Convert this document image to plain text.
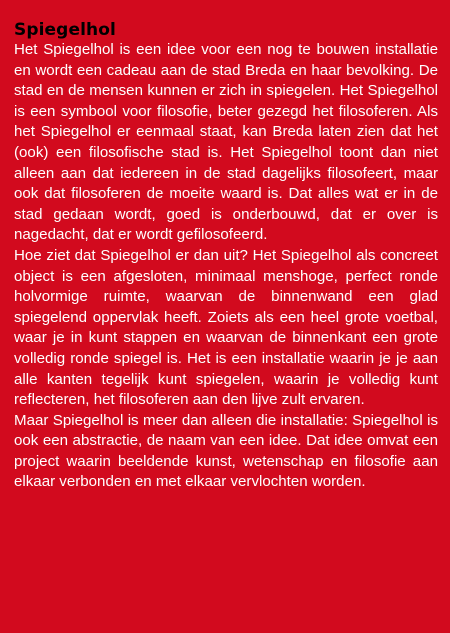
Spiegelhol

Het Spiegelhol is een idee voor een nog te bouwen installatie en wordt een cadeau aan de stad Breda en haar bevolking. De stad en de mensen kunnen er zich in spiegelen. Het Spiegelhol is een symbool voor filosofie, beter gezegd het filosoferen. Als het Spiegelhol er eenmaal staat, kan Breda laten zien dat het (ook) een filosofische stad is. Het Spiegelhol toont dan niet alleen aan dat iedereen in de stad dagelijks filosofeert, maar ook dat filosoferen de moeite waard is. Dat alles wat er in de stad gedaan wordt, goed is onderbouwd, dat er over is nagedacht, dat er wordt gefilosofeerd.

Hoe ziet dat Spiegelhol er dan uit? Het Spiegelhol als concreet object is een afgesloten, minimaal menshoge, perfect ronde holvormige ruimte, waarvan de binnenwand een glad spiegelend oppervlak heeft. Zoiets als een heel grote voetbal, waar je in kunt stappen en waarvan de binnenkant een grote volledig ronde spiegel is. Het is een installatie waarin je je aan alle kanten tegelijk kunt spiegelen, waarin je volledig kunt reflecteren, het filosoferen aan den lijve zult ervaren.

Maar Spiegelhol is meer dan alleen die installatie: Spiegelhol is ook een abstractie, de naam van een idee. Dat idee omvat een project waarin beeldende kunst, wetenschap en filosofie aan elkaar verbonden en met elkaar vervlochten worden.
